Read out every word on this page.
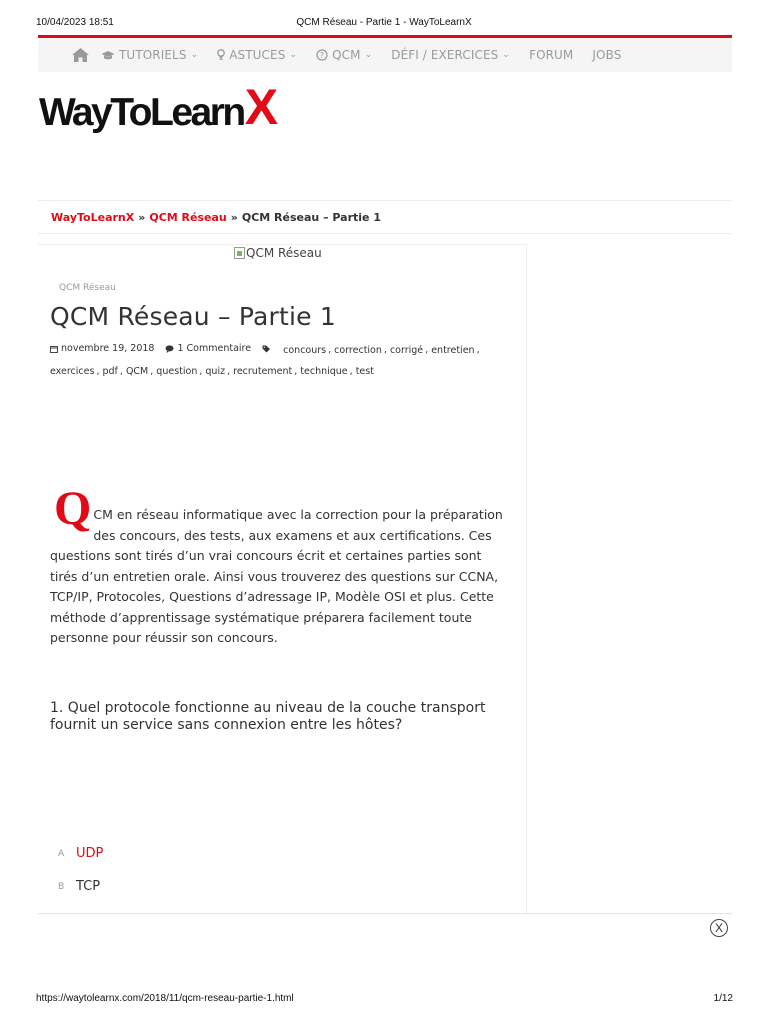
10/04/2023 18:51	QCM Réseau - Partie 1 - WayToLearnX
TUTORIELS ⌄	ASTUCES ⌄	? QCM ⌄ DÉFI / EXERCICES ⌄ FORUM JOBS
WayToLearn X
WayToLearnX » QCM Réseau » QCM Réseau – Partie 1
QCM Réseau
QCM Réseau
QCM Réseau – Partie 1
novembre 19, 2018
1 Commentaire
	concours , correction , corrigé , entretien ,
exercices , pdf , QCM , question , quiz , recrutement , technique , test
Q CM en réseau informatique avec la correction pour la préparation
des concours, des tests, aux examens et aux certifications. Ces questions sont tirés d’un vrai concours écrit et certaines parties sont tirés d’un entretien orale. Ainsi vous trouverez des questions sur CCNA, TCP/IP, Protocoles, Questions d’adressage IP, Modèle OSI et plus. Cette méthode d’apprentissage systématique préparera facilement toute personne pour réussir son concours.
1. Quel protocole fonctionne au niveau de la couche transport fournit un service sans connexion entre les hôtes?
A UDP
B TCP
X
https://waytolearnx.com/2018/11/qcm-reseau-partie-1.html	1/12
